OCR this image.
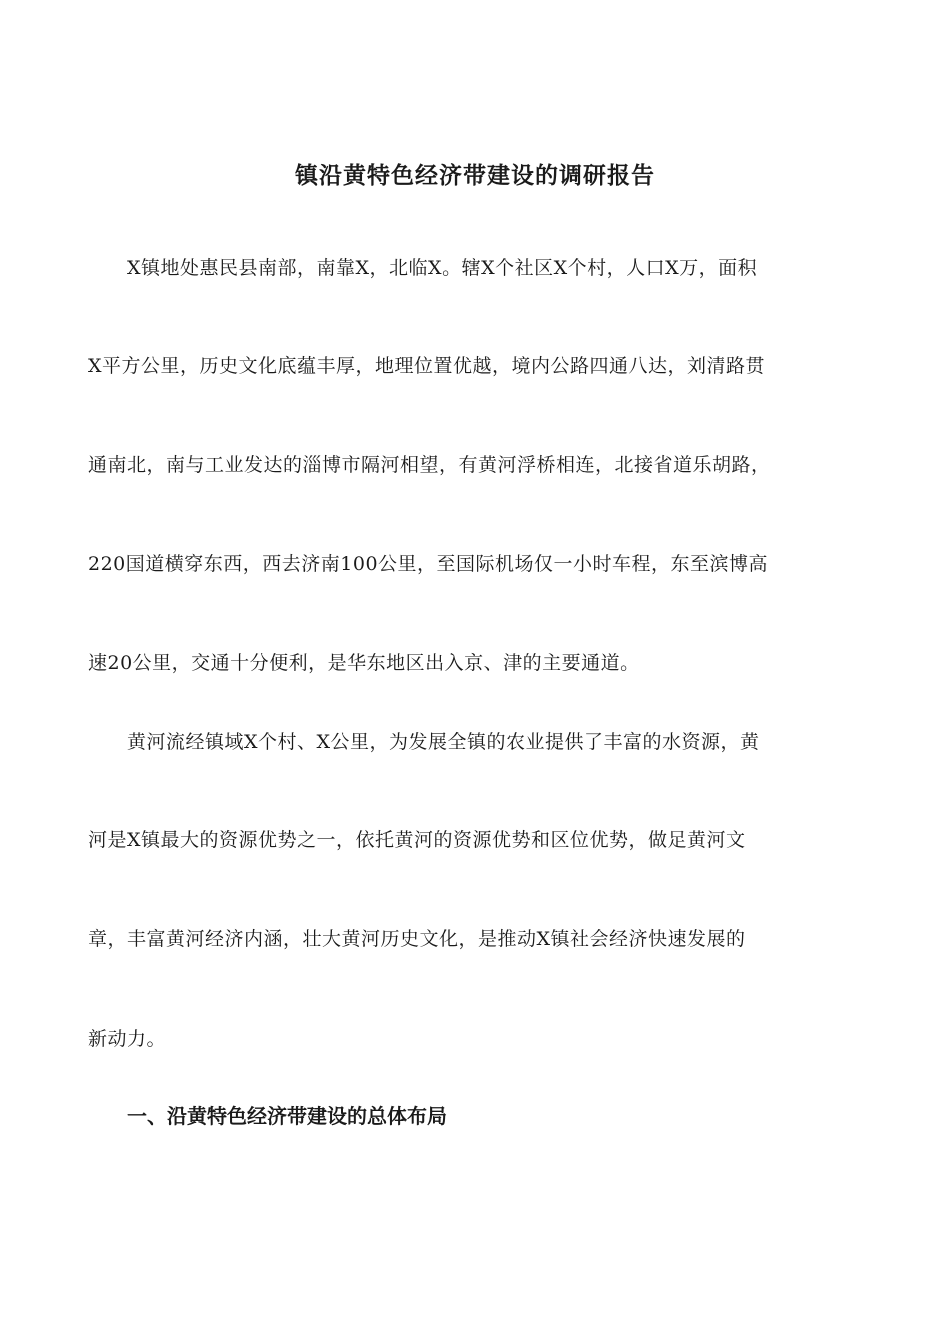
镇沿黄特色经济带建设的调研报告
X镇地处惠民县南部，南靠X，北临X。辖X个社区X个村，人口X万，面积
X平方公里，历史文化底蕴丰厚，地理位置优越，境内公路四通八达，刘清路贯
通南北，南与工业发达的淄博市隔河相望，有黄河浮桥相连，北接省道乐胡路，
220国道横穿东西，西去济南100公里，至国际机场仅一小时车程，东至滨博高
速20公里，交通十分便利，是华东地区出入京、津的主要通道。
黄河流经镇域X个村、X公里，为发展全镇的农业提供了丰富的水资源，黄
河是X镇最大的资源优势之一，依托黄河的资源优势和区位优势，做足黄河文
章，丰富黄河经济内涵，壮大黄河历史文化，是推动X镇社会经济快速发展的
新动力。
一、沿黄特色经济带建设的总体布局
